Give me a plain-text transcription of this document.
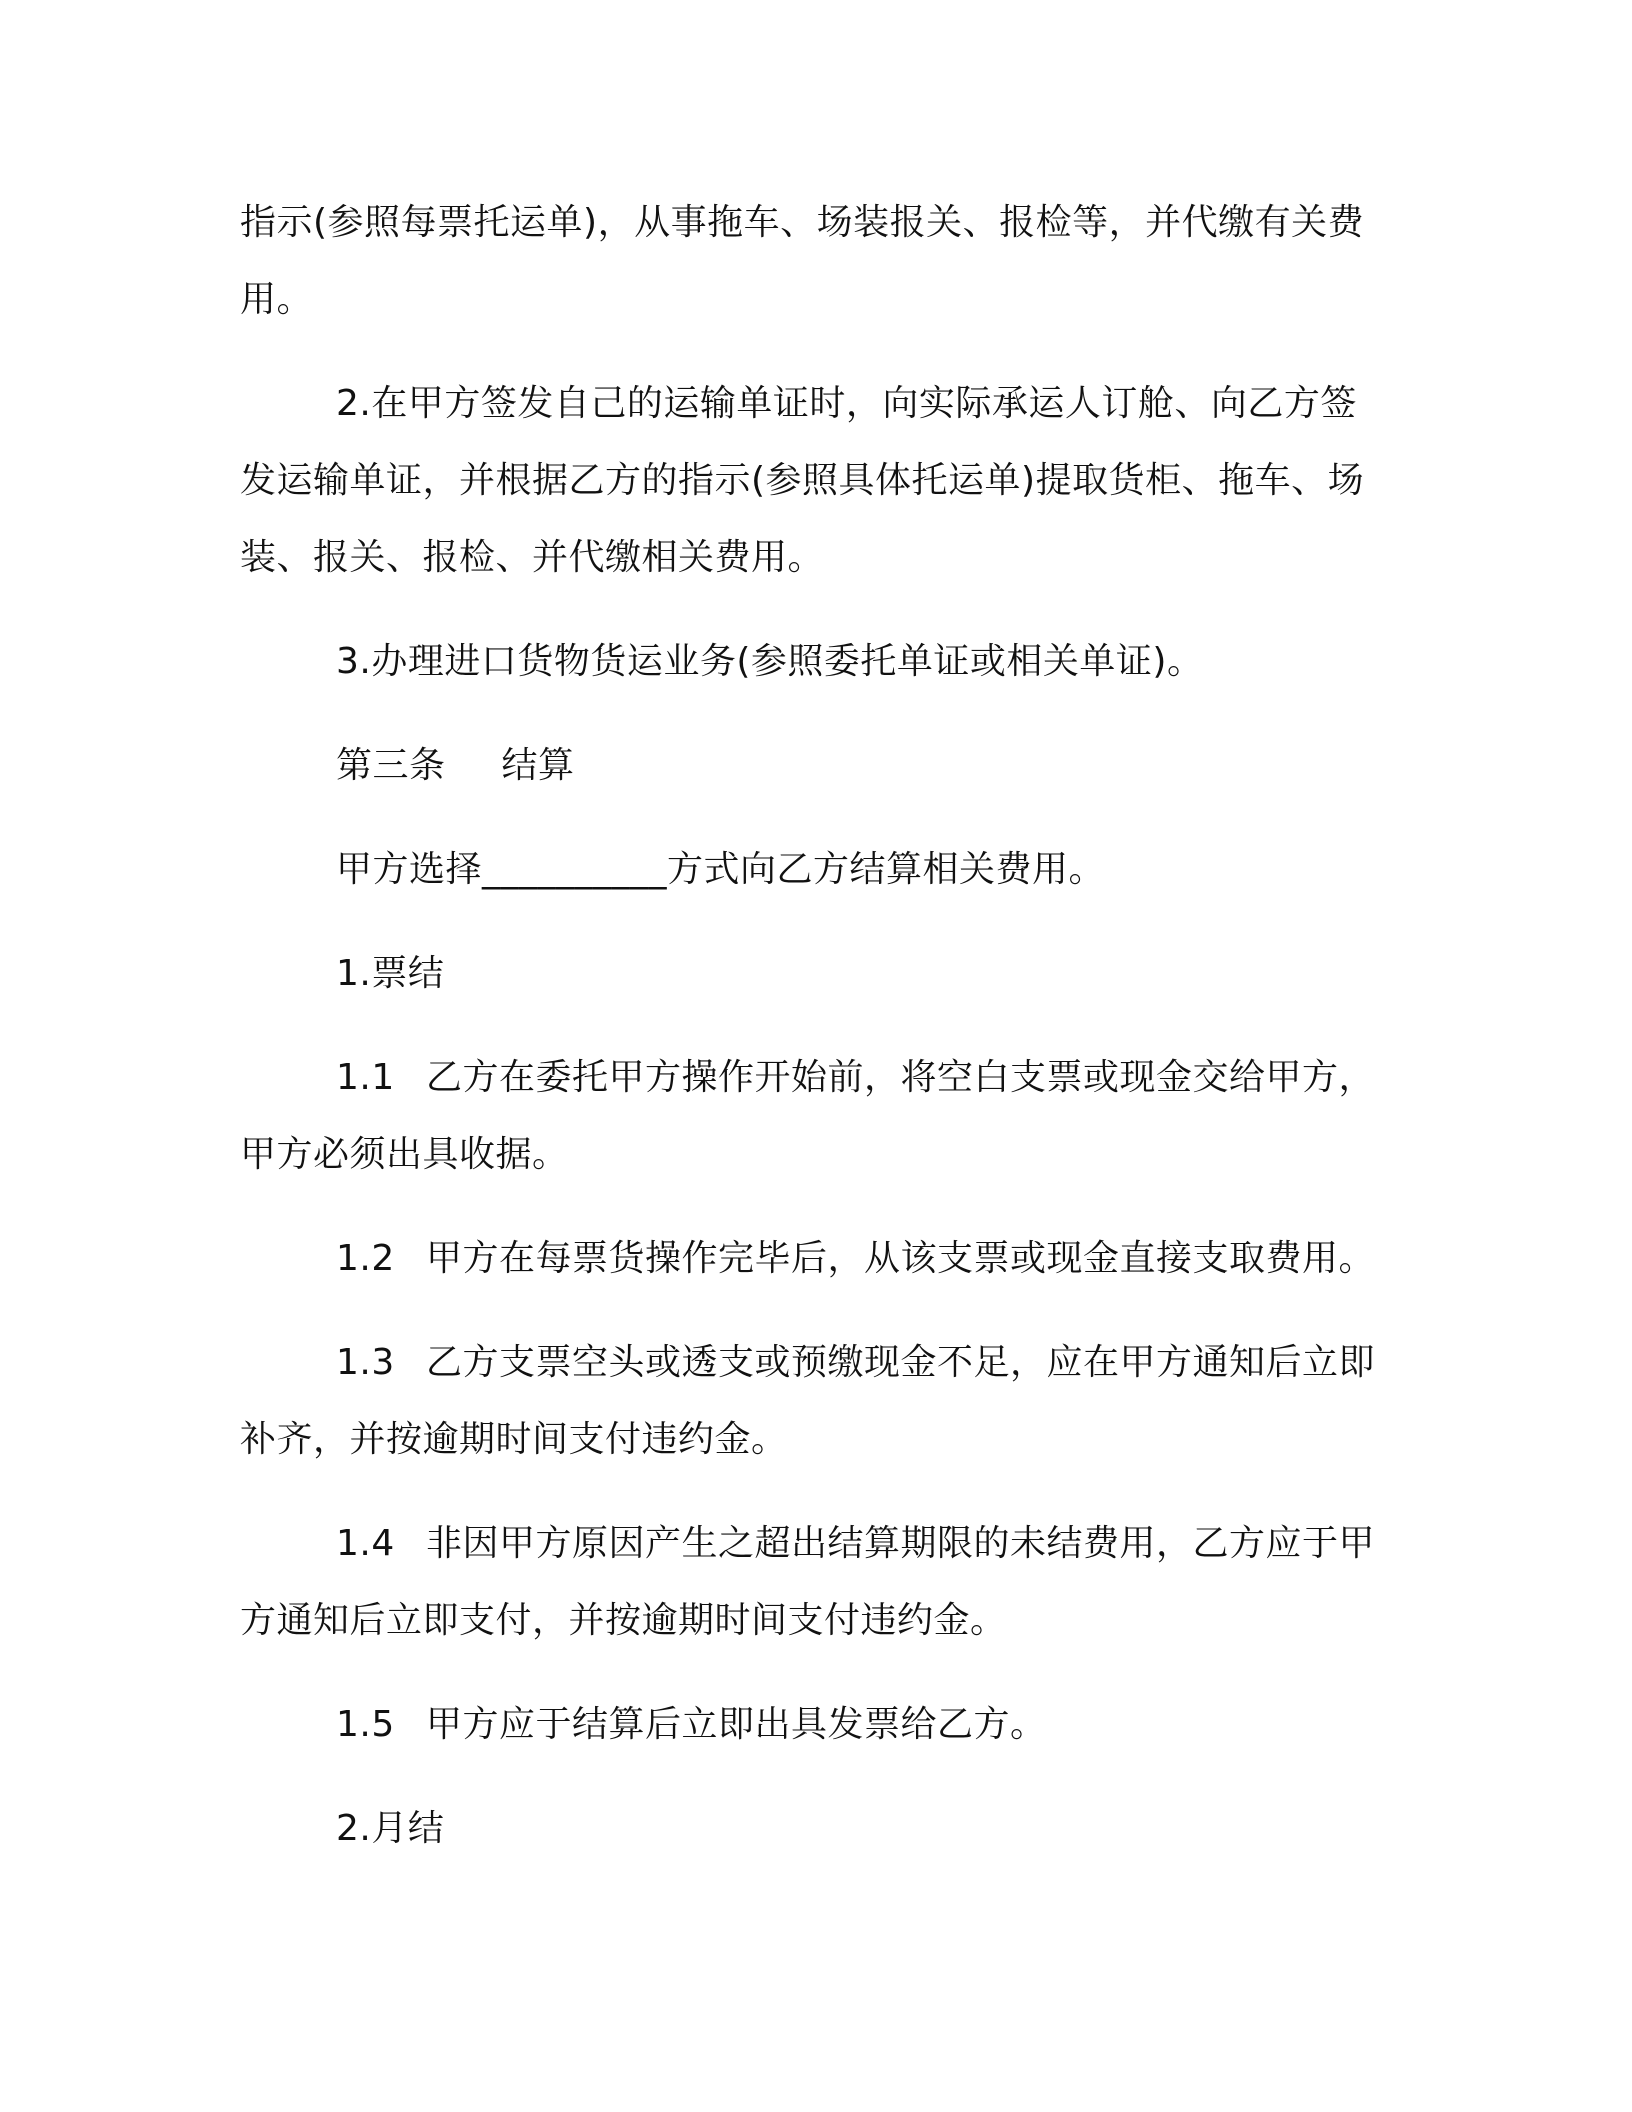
指示(参照每票托运单)，从事拖车、场装报关、报检等，并代缴有关费用。

2.在甲方签发自己的运输单证时，向实际承运人订舱、向乙方签发运输单证，并根据乙方的指示(参照具体托运单)提取货柜、拖车、场装、报关、报检、并代缴相关费用。

3.办理进口货物货运业务(参照委托单证或相关单证)。

第三条 结算

甲方选择__________方式向乙方结算相关费用。

1.票结

1.1 乙方在委托甲方操作开始前，将空白支票或现金交给甲方，甲方必须出具收据。

1.2 甲方在每票货操作完毕后，从该支票或现金直接支取费用。

1.3 乙方支票空头或透支或预缴现金不足，应在甲方通知后立即补齐，并按逾期时间支付违约金。

1.4 非因甲方原因产生之超出结算期限的未结费用，乙方应于甲方通知后立即支付，并按逾期时间支付违约金。

1.5 甲方应于结算后立即出具发票给乙方。

2.月结
